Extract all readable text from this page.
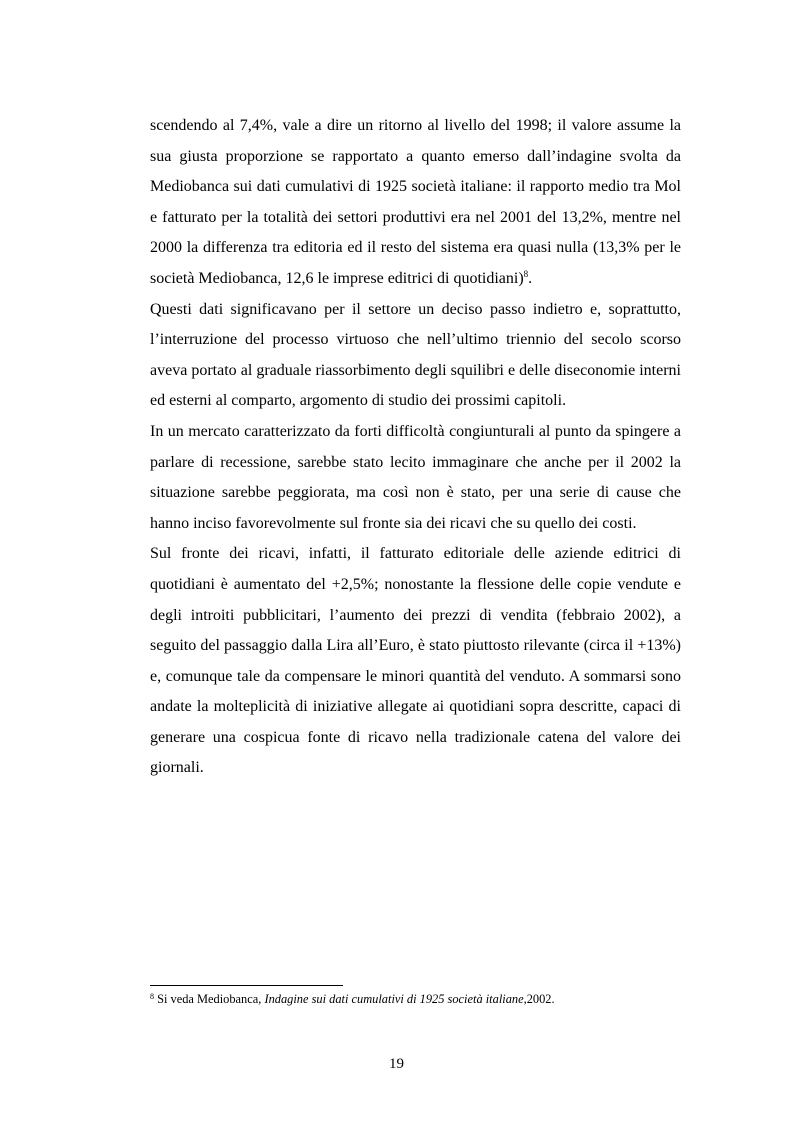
scendendo al 7,4%, vale a dire un ritorno al livello del 1998; il valore assume la sua giusta proporzione se rapportato a quanto emerso dall’indagine svolta da Mediobanca sui dati cumulativi di 1925 società italiane: il rapporto medio tra Mol e fatturato per la totalità dei settori produttivi era nel 2001 del 13,2%, mentre nel 2000 la differenza tra editoria ed il resto del sistema era quasi nulla (13,3% per le società Mediobanca, 12,6 le imprese editrici di quotidiani)$^8$.

Questi dati significavano per il settore un deciso passo indietro e, soprattutto, l’interruzione del processo virtuoso che nell’ultimo triennio del secolo scorso aveva portato al graduale riassorbimento degli squilibri e delle diseconomie interni ed esterni al comparto, argomento di studio dei prossimi capitoli.

In un mercato caratterizzato da forti difficoltà congiunturali al punto da spingere a parlare di recessione, sarebbe stato lecito immaginare che anche per il 2002 la situazione sarebbe peggiorata, ma così non è stato, per una serie di cause che hanno inciso favorevolmente sul fronte sia dei ricavi che su quello dei costi.

Sul fronte dei ricavi, infatti, il fatturato editoriale delle aziende editrici di quotidiani è aumentato del +2,5%; nonostante la flessione delle copie vendute e degli introiti pubblicitari, l’aumento dei prezzi di vendita (febbraio 2002), a seguito del passaggio dalla Lira all’Euro, è stato piuttosto rilevante (circa il +13%) e, comunque tale da compensare le minori quantità del venduto. A sommarsi sono andate la molteplicità di iniziative allegate ai quotidiani sopra descritte, capaci di generare una cospicua fonte di ricavo nella tradizionale catena del valore dei giornali.

$^8$ Si veda Mediobanca, Indagine sui dati cumulativi di 1925 società italiane,2002.
19
